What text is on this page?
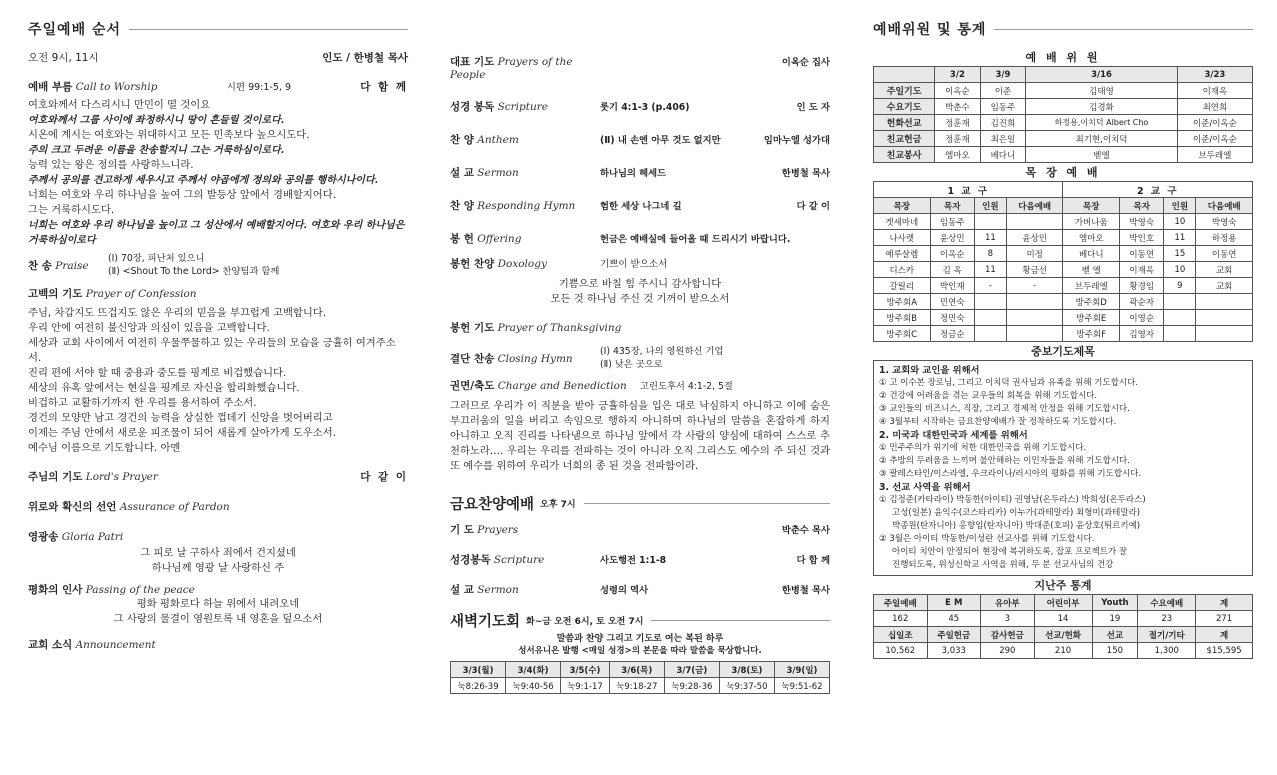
주일예배 순서
오전 9시, 11시	인도 / 한병철 목사
예배 부름 Call to Worship	시편 99:1-5, 9	다 함 께
여호와께서 다스리시니 만민이 떨 것이요
여호와께서 그룹 사이에 좌정하시니 땅이 흔들릴 것이로다.
시온에 계시는 여호와는 위대하시고 모든 민족보다 높으시도다.
주의 크고 두려운 이름을 찬송할지니 그는 거룩하심이로다.
능력 있는 왕은 정의를 사랑하느니라.
주께서 공의를 견고하게 세우시고 주께서 야곱에게 정의와 공의를 행하시나이다.
너희는 여호와 우리 하나님을 높여 그의 발등상 앞에서 경배할지어다.
그는 거룩하시도다.
너희는 여호와 우리 하나님을 높이고 그 성산에서 예배할지어다. 여호와 우리 하나님은 거룩하심이로다
찬 송 Praise
(Ⅰ) 70장, 피난처 있으니
(Ⅱ) <Shout To the Lord> 찬양팀과 함께
고백의 기도 Prayer of Confession
주님, 차갑지도 뜨겁지도 않은 우리의 믿음을 부끄럽게 고백합니다.
우리 안에 여전히 불신앙과 의심이 있음을 고백합니다.
세상과 교회 사이에서 여전히 우물쭈물하고 있는 우리들의 모습을 긍휼히 여겨주소서.
진리 편에 서야 할 때 중용과 중도를 핑계로 비겁했습니다.
세상의 유혹 앞에서는 현실을 핑계로 자신을 합리화했습니다.
비겁하고 교활하기까지 한 우리를 용서하여 주소서.
경건의 모양만 남고 경건의 능력을 상실한 껍데기 신앙을 벗어버리고
이제는 주님 안에서 새로운 피조물이 되어 새롭게 살아가게 도우소서.
예수님 이름으로 기도합니다. 아멘
주님의 기도 Lord's Prayer	다 같 이
위로와 확신의 선언 Assurance of Pardon
영광송 Gloria Patri
그 피로 날 구하사 죄에서 건지셨네
하나님께 영광 날 사랑하신 주
평화의 인사 Passing of the peace
평화 평화로다 하늘 위에서 내려오네
그 사랑의 물결이 영원토록 내 영혼을 덮으소서
교회 소식 Announcement
대표 기도 Prayers of the People
이옥순 집사
성경 봉독 Scripture	룻기 4:1-3 (p.406)	인 도 자
찬 양 Anthem	(Ⅱ) 내 손엔 아무 것도 없지만	임마누엘 성가대
설 교 Sermon	하나님의 헤세드	한병철 목사
찬 양 Responding Hymn	험한 세상 나그네 길	다 같 이
봉 헌 Offering	헌금은 예배실에 들어올 때 드리시기 바랍니다.
봉헌 찬양 Doxology	기쁘이 받으소서
기쁨으로 바칠 힘 주시니 감사합니다
모든 것 하나님 주신 것 기꺼이 받으소서
봉헌 기도 Prayer of Thanksgiving
결단 찬송 Closing Hymn
(Ⅰ) 435장, 나의 영원하신 기업
(Ⅱ) 낮은 곳으로
권면/축도 Charge and Benediction	고린도후서 4:1-2, 5절
그러므로 우리가 이 직분을 받아 긍휼하심을 입은 대로 낙심하지 아니하고 이에 숨은 부끄러움의 일을 버리고 속임으로 행하지 아니하며 하나님의 말씀을 혼잡하게 하지 아니하고 오직 진리를 나타냄으로 하나님 앞에서 각 사람의 양심에 대하여 스스로 추천하노라…. 우리는 우리를 전파하는 것이 아니라 오직 그리스도 예수의 주 되신 것과 또 예수를 위하여 우리가 너희의 종 된 것을 전파함이라.
금요찬양예배 오후 7시
기 도 Prayers	박춘수 목사
성경봉독 Scripture	사도행전 1:1-8	다 함 께
설 교 Sermon	성령의 역사	한병철 목사
새벽기도회 화~금 오전 6시, 토 오전 7시
말씀과 찬양 그리고 기도로 여는 복된 하루
성서유니온 발행 <매일 성경>의 본문을 따라 말씀을 묵상합니다.
3/3(월)	3/4(화)	3/5(수)	3/6(목)	3/7(금)	3/8(토)	3/9(일)
눅8:26-39	눅9:40-56	눅9:1-17	눅9:18-27	눅9:28-36	눅9:37-50	눅9:51-62
예배위원 및 통계
예 배 위 원
	3/2	3/9	3/16	3/23
주일기도	이옥순	이준	김태영	이재옥
수요기도	박춘수	임동주	김경화	최연희
헌화선교	정훈재	김진희	하정용,이치덕 Albert Cho	이준/이옥순
친교헌금	정훈재	최은일	최기현,이치덕	이준/이옥순
친교봉사	엠마오	베다니	벧엘	브두레엘
목 장 예 배
1 교 구				2 교 구			
목장	목자	인원	다음예배	목장	목자	인원	다음예배
겟세마네	임동주			가버나움	박영숙	10	박영숙
나사렛	윤상민	11	윤상민	엠마오	박인호	11	하정용
예루살렘	이옥순	8	미정	베다니	이동연	15	이동연
디스카	김 옥	11	황금선	벧 엘	이재옥	10	교회
갈릴리	박인재	-	-	브두레엘	황경임	9	교회
방주회A	민연숙			방주회D	곽순자		
방주회B	정민숙			방주회E	이영순		
방주회C	정금순			방주회F	김영자		
중보기도제목
1. 교회와 교인을 위해서
① 고 이수본 장로님, 그리고 이치덕 권사님과 유족을 위해 기도합시다.
② 건강에 어려움을 겪는 교우들의 회복을 위해 기도합시다.
③ 교인들의 비즈니스, 직장, 그리고 경제적 안정을 위해 기도합시다.
④ 3월부터 시작하는 금요찬양예배가 잘 정착하도록 기도합시다.
2. 미국과 대한민국과 세계를 위해서
① 민주주의가 위기에 처한 대한민국을 위해 기도합시다.
② 추방의 두려움을 느끼며 불안해하는 이민자들을 위해 기도합시다.
③ 팔레스타인/이스라엘, 우크라이나/러시아의 평화를 위해 기도합시다.
3. 선교 사역을 위해서
① 김정준(카타라이) 박동한(아이티) 권영남(온두라스) 박희성(온두라스)
고성(일본) 윤익수(코스타리카) 이누가(과테말라) 최형미(과테말라)
박종원(탄자니아) 홍향임(탄자니아) 박대준(호피) 윤상호(튀르키예)
② 3월은 아이티 박동한/이성란 선교사를 위해 기도합시다.
아이티 치안이 안정되어 현장에 복귀하도록, 잡포 프로젝트가 잘
진행되도록, 위성신학교 사역을 위해, 두 분 선교사님의 건강
지난주 통계
주일예배	E M	유아부	어린이부	Youth	수요예배	계
162	45	3	14	19	23	271
십일조	주일헌금	감사헌금	선교/헌화	선교	절기/기타	계
10,562	3,033	290	210	150	1,300	$15,595
